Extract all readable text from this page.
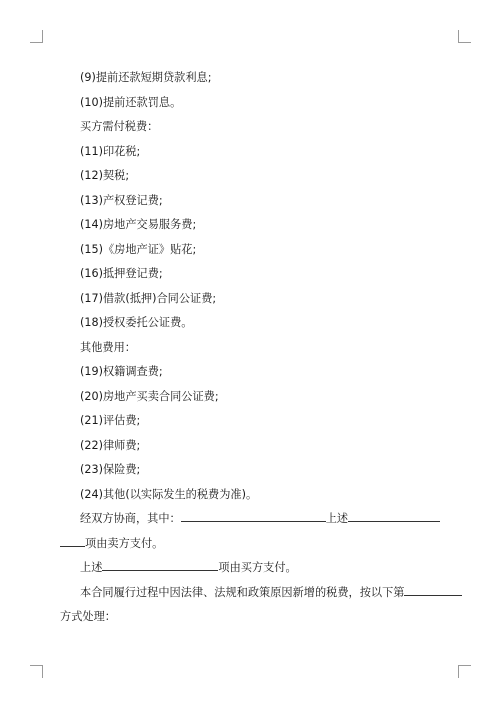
(9)提前还款短期贷款利息;
(10)提前还款罚息。
买方需付税费：
(11)印花税;
(12)契税;
(13)产权登记费;
(14)房地产交易服务费;
(15)《房地产证》贴花;
(16)抵押登记费;
(17)借款(抵押)合同公证费;
(18)授权委托公证费。
其他费用：
(19)权籍调查费;
(20)房地产买卖合同公证费;
(21)评估费;
(22)律师费;
(23)保险费;
(24)其他(以实际发生的税费为准)。
经双方协商，其中：	上述
项由卖方支付。
上述	项由买方支付。
本合同履行过程中因法律、法规和政策原因新增的税费，按以下第
方式处理：
